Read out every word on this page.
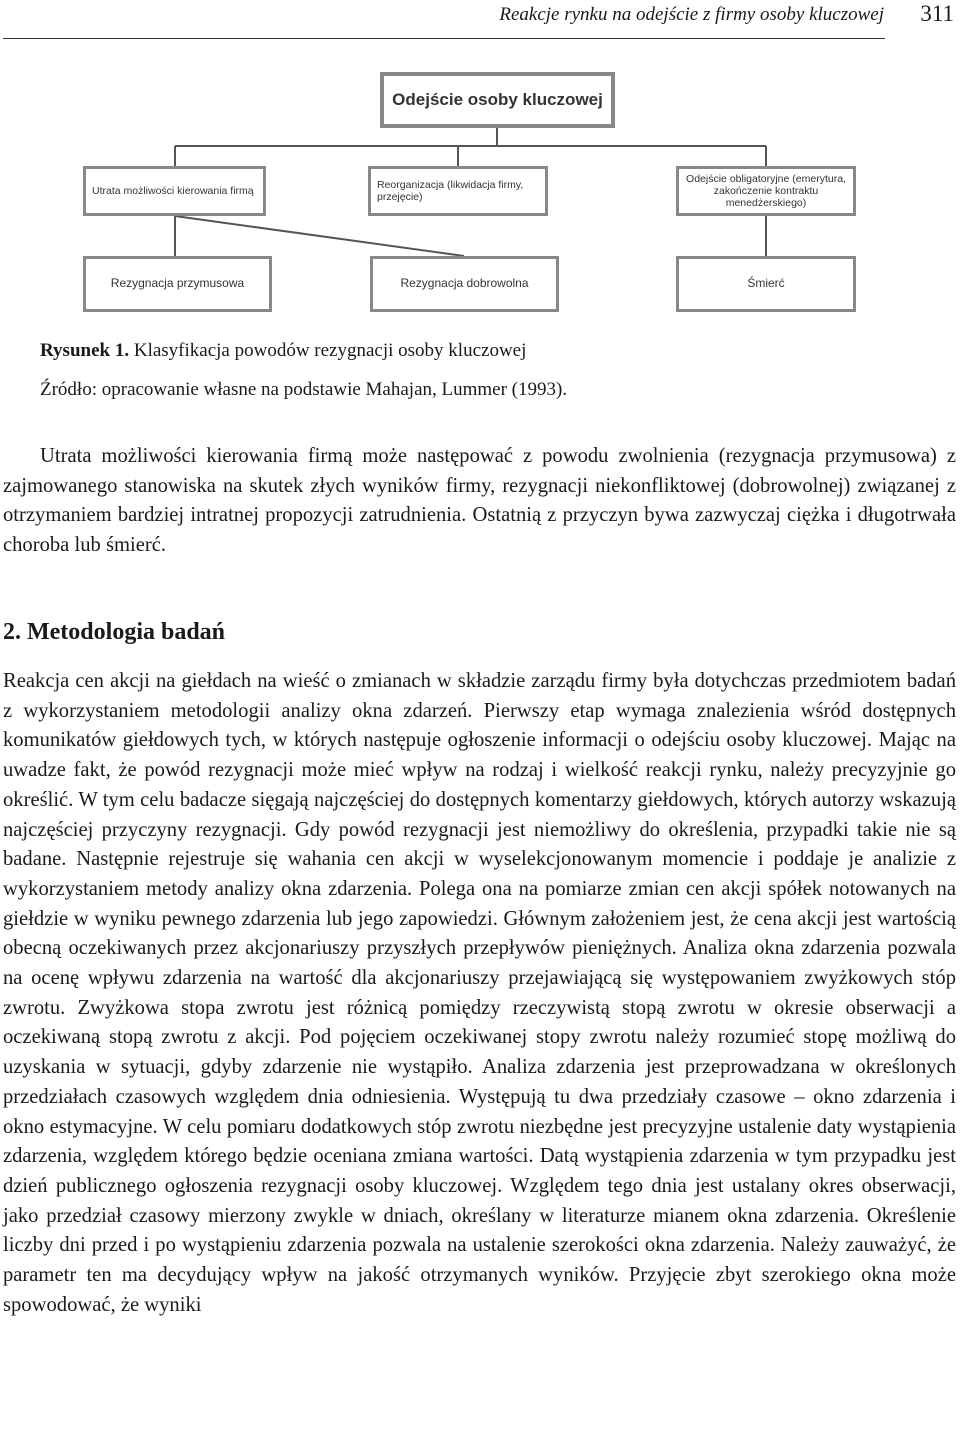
Reakcje rynku na odejście z firmy osoby kluczowej 311
Odejście osoby kluczowej
Utrata możliwości kierowania firmą
Reorganizacja (likwidacja firmy, przejęcie)
Odejście obligatoryjne (emerytura, zakończenie kontraktu menedżerskiego)
Rezygnacja przymusowa	Rezygnacja dobrowolna	Śmierć
Rysunek 1. Klasyfikacja powodów rezygnacji osoby kluczowej
Źródło: opracowanie własne na podstawie Mahajan, Lummer (1993).

Utrata możliwości kierowania firmą może następować z powodu zwolnienia (rezygnacja przymusowa) z zajmowanego stanowiska na skutek złych wyników firmy, rezygnacji niekonfliktowej (dobrowolnej) związanej z otrzymaniem bardziej intratnej propozycji zatrudnienia. Ostatnią z przyczyn bywa zazwyczaj ciężka i długotrwała choroba lub śmierć.

2. Metodologia badań

Reakcja cen akcji na giełdach na wieść o zmianach w składzie zarządu firmy była dotychczas przedmiotem badań z wykorzystaniem metodologii analizy okna zdarzeń. Pierwszy etap wymaga znalezienia wśród dostępnych komunikatów giełdowych tych, w których następuje ogłoszenie informacji o odejściu osoby kluczowej. Mając na uwadze fakt, że powód rezygnacji może mieć wpływ na rodzaj i wielkość reakcji rynku, należy precyzyjnie go określić. W tym celu badacze sięgają najczęściej do dostępnych komentarzy giełdowych, których autorzy wskazują najczęściej przyczyny rezygnacji. Gdy powód rezygnacji jest niemożliwy do określenia, przypadki takie nie są badane. Następnie rejestruje się wahania cen akcji w wyselekcjonowanym momencie i poddaje je analizie z wykorzystaniem metody analizy okna zdarzenia. Polega ona na pomiarze zmian cen akcji spółek notowanych na giełdzie w wyniku pewnego zdarzenia lub jego zapowiedzi. Głównym założeniem jest, że cena akcji jest wartością obecną oczekiwanych przez akcjonariuszy przyszłych przepływów pieniężnych. Analiza okna zdarzenia pozwala na ocenę wpływu zdarzenia na wartość dla akcjonariuszy przejawiającą się występowaniem zwyżkowych stóp zwrotu. Zwyżkowa stopa zwrotu jest różnicą pomiędzy rzeczywistą stopą zwrotu w okresie obserwacji a oczekiwaną stopą zwrotu z akcji. Pod pojęciem oczekiwanej stopy zwrotu należy rozumieć stopę możliwą do uzyskania w sytuacji, gdyby zdarzenie nie wystąpiło. Analiza zdarzenia jest przeprowadzana w określonych przedziałach czasowych względem dnia odniesienia. Występują tu dwa przedziały czasowe – okno zdarzenia i okno estymacyjne. W celu pomiaru dodatkowych stóp zwrotu niezbędne jest precyzyjne ustalenie daty wystąpienia zdarzenia, względem którego będzie oceniana zmiana wartości. Datą wystąpienia zdarzenia w tym przypadku jest dzień publicznego ogłoszenia rezygnacji osoby kluczowej. Względem tego dnia jest ustalany okres obserwacji, jako przedział czasowy mierzony zwykle w dniach, określany w literaturze mianem okna zdarzenia. Określenie liczby dni przed i po wystąpieniu zdarzenia pozwala na ustalenie szerokości okna zdarzenia. Należy zauważyć, że parametr ten ma decydujący wpływ na jakość otrzymanych wyników. Przyjęcie zbyt szerokiego okna może spowodować, że wyniki
